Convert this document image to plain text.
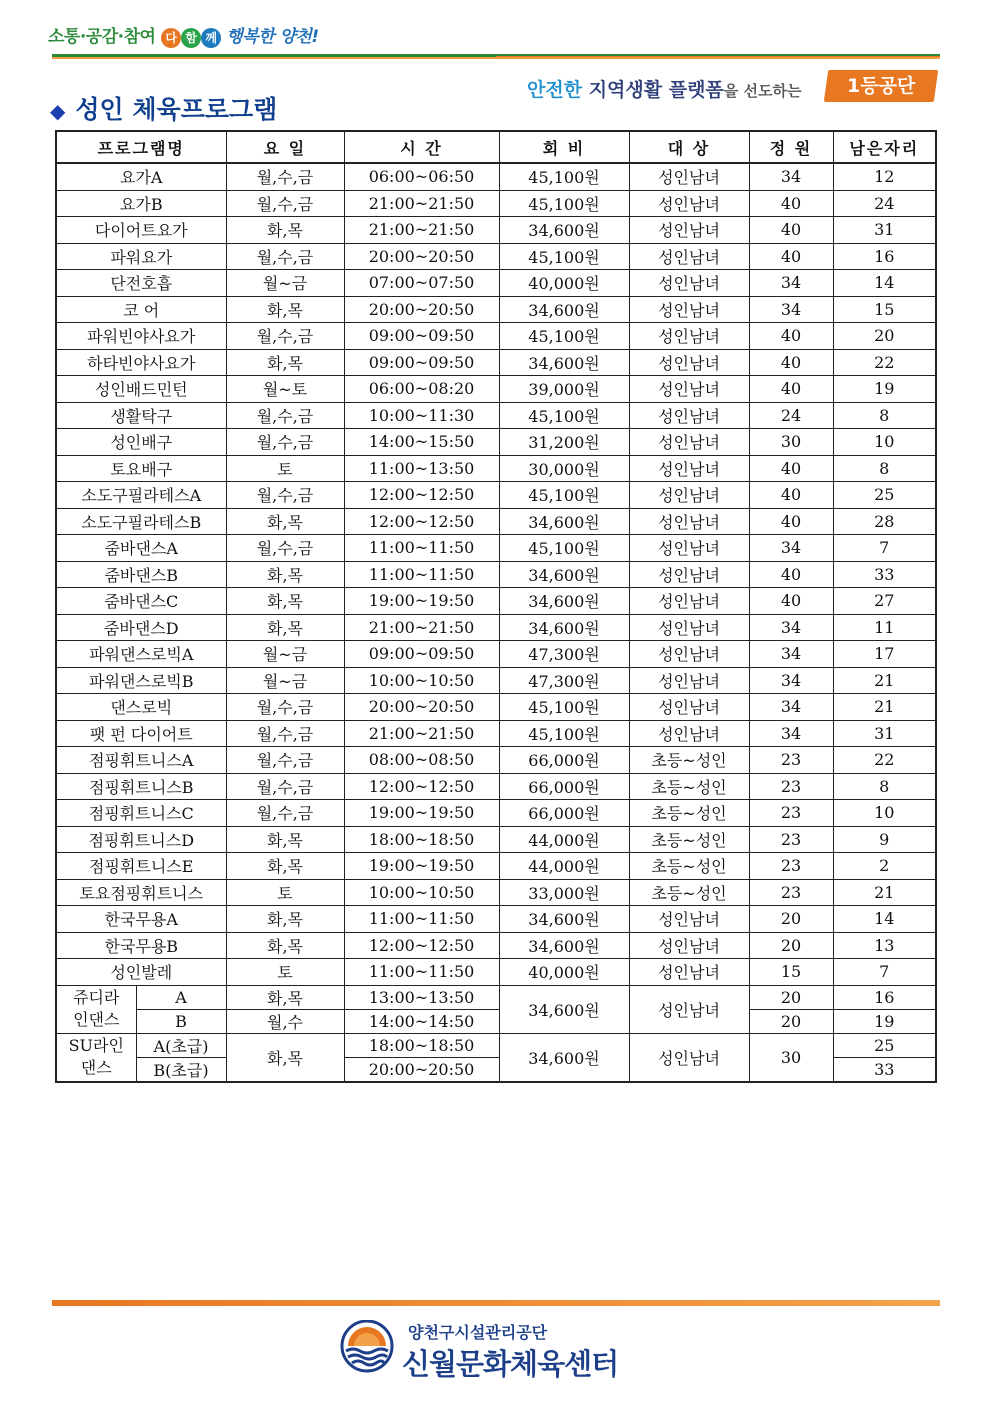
소통·공감·참여 다 함 께 행복한 양천!
안전한 지역생활 플랫폼을 선도하는	1등공단
◆ 성인 체육프로그램
프로그램명		요 일	시 간	회 비	대 상	정 원	남은자리
요가A		월,수,금	06:00~06:50	45,100원	성인남녀	34	12
요가B		월,수,금	21:00~21:50	45,100원	성인남녀	40	24
다이어트요가		화,목	21:00~21:50	34,600원	성인남녀	40	31
파워요가		월,수,금	20:00~20:50	45,100원	성인남녀	40	16
단전호흡		월~금	07:00~07:50	40,000원	성인남녀	34	14
코 어		화,목	20:00~20:50	34,600원	성인남녀	34	15
파워빈야사요가		월,수,금	09:00~09:50	45,100원	성인남녀	40	20
하타빈야사요가		화,목	09:00~09:50	34,600원	성인남녀	40	22
성인배드민턴		월~토	06:00~08:20	39,000원	성인남녀	40	19
생활탁구		월,수,금	10:00~11:30	45,100원	성인남녀	24	8
성인배구		월,수,금	14:00~15:50	31,200원	성인남녀	30	10
토요배구		토	11:00~13:50	30,000원	성인남녀	40	8
소도구필라테스A		월,수,금	12:00~12:50	45,100원	성인남녀	40	25
소도구필라테스B		화,목	12:00~12:50	34,600원	성인남녀	40	28
줌바댄스A		월,수,금	11:00~11:50	45,100원	성인남녀	34	7
줌바댄스B		화,목	11:00~11:50	34,600원	성인남녀	40	33
줌바댄스C		화,목	19:00~19:50	34,600원	성인남녀	40	27
줌바댄스D		화,목	21:00~21:50	34,600원	성인남녀	34	11
파워댄스로빅A		월~금	09:00~09:50	47,300원	성인남녀	34	17
파워댄스로빅B		월~금	10:00~10:50	47,300원	성인남녀	34	21
댄스로빅		월,수,금	20:00~20:50	45,100원	성인남녀	34	21
팻 펀 다이어트		월,수,금	21:00~21:50	45,100원	성인남녀	34	31
점핑휘트니스A		월,수,금	08:00~08:50	66,000원	초등~성인	23	22
점핑휘트니스B		월,수,금	12:00~12:50	66,000원	초등~성인	23	8
점핑휘트니스C		월,수,금	19:00~19:50	66,000원	초등~성인	23	10
점핑휘트니스D		화,목	18:00~18:50	44,000원	초등~성인	23	9
점핑휘트니스E		화,목	19:00~19:50	44,000원	초등~성인	23	2
토요점핑휘트니스		토	10:00~10:50	33,000원	초등~성인	23	21
한국무용A		화,목	11:00~11:50	34,600원	성인남녀	20	14
한국무용B		화,목	12:00~12:50	34,600원	성인남녀	20	13
성인발레		토	11:00~11:50	40,000원	성인남녀	15	7
쥬디라
인댄스	A	화,목	13:00~13:50	34,600원	성인남녀	20	16
	B	월,수	14:00~14:50			20	19
SU라인
댄스	A(초급)	화,목	18:00~18:50	34,600원	성인남녀	30	25
	B(초급)		20:00~20:50				33
양천구시설관리공단
신월문화체육센터
